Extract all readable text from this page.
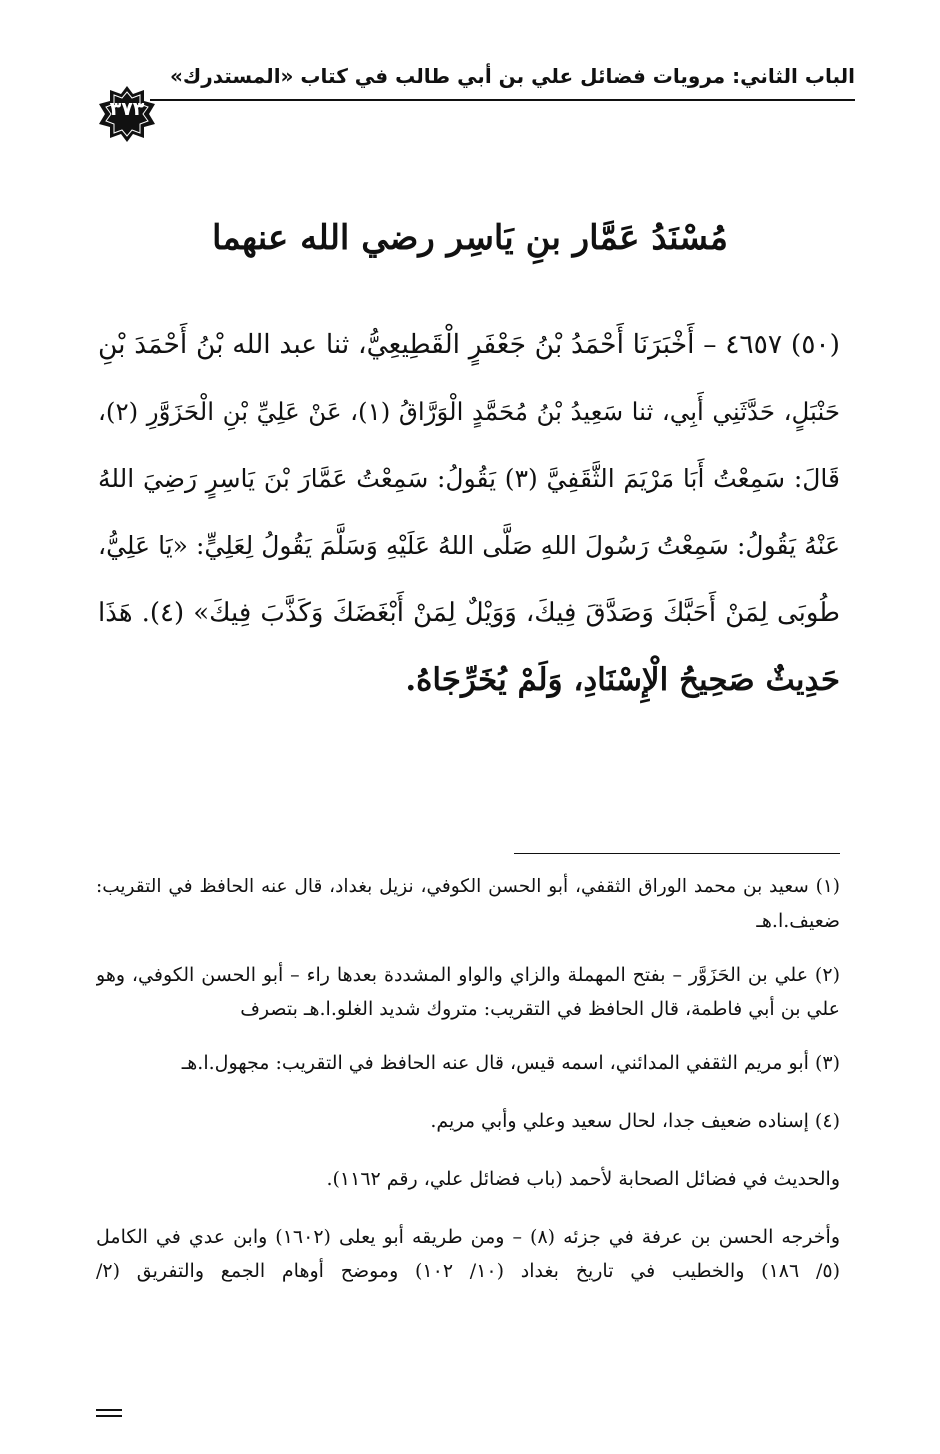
الباب الثاني: مرويات فضائل علي بن أبي طالب في كتاب «المستدرك»
٣٧٣
مُسْنَدُ عَمَّار بنِ يَاسِر رضي الله عنهما
(٥٠) ٤٦٥٧ – أَخْبَرَنَا أَحْمَدُ بْنُ جَعْفَرٍ الْقَطِيعِيُّ، ثنا عبد الله بْنُ أَحْمَدَ بْنِ
حَنْبَلٍ، حَدَّثَنِي أَبِي، ثنا سَعِيدُ بْنُ مُحَمَّدٍ الْوَرَّاقُ (١)، عَنْ عَلِيِّ بْنِ الْحَزَوَّرِ (٢)،
قَالَ: سَمِعْتُ أَبَا مَرْيَمَ الثَّقَفِيَّ (٣) يَقُولُ: سَمِعْتُ عَمَّارَ بْنَ يَاسِرٍ رَضِيَ اللهُ
عَنْهُ يَقُولُ: سَمِعْتُ رَسُولَ اللهِ صَلَّى اللهُ عَلَيْهِ وَسَلَّمَ يَقُولُ لِعَلِيٍّ: «يَا عَلِيُّ،
طُوبَى لِمَنْ أَحَبَّكَ وَصَدَّقَ فِيكَ، وَوَيْلٌ لِمَنْ أَبْغَضَكَ وَكَذَّبَ فِيكَ» (٤). هَذَا
حَدِيثٌ صَحِيحُ الْإِسْنَادِ، وَلَمْ يُخَرِّجَاهُ.
(١) سعيد بن محمد الوراق الثقفي، أبو الحسن الكوفي، نزيل بغداد، قال عنه الحافظ في التقريب:
ضعيف.ا.هـ
(٢) علي بن الحَزَوَّر – بفتح المهملة والزاي والواو المشددة بعدها راء – أبو الحسن الكوفي، وهو
علي بن أبي فاطمة، قال الحافظ في التقريب: متروك شديد الغلو.ا.هـ بتصرف
(٣) أبو مريم الثقفي المدائني، اسمه قيس، قال عنه الحافظ في التقريب: مجهول.ا.هـ
(٤) إسناده ضعيف جدا، لحال سعيد وعلي وأبي مريم.
والحديث في فضائل الصحابة لأحمد (باب فضائل علي، رقم ١١٦٢).
وأخرجه الحسن بن عرفة في جزئه (٨) – ومن طريقه أبو يعلى (١٦٠٢) وابن عدي في الكامل
(٥/ ١٨٦) والخطيب في تاريخ بغداد (١٠/ ١٠٢) وموضح أوهام الجمع والتفريق (٢/
